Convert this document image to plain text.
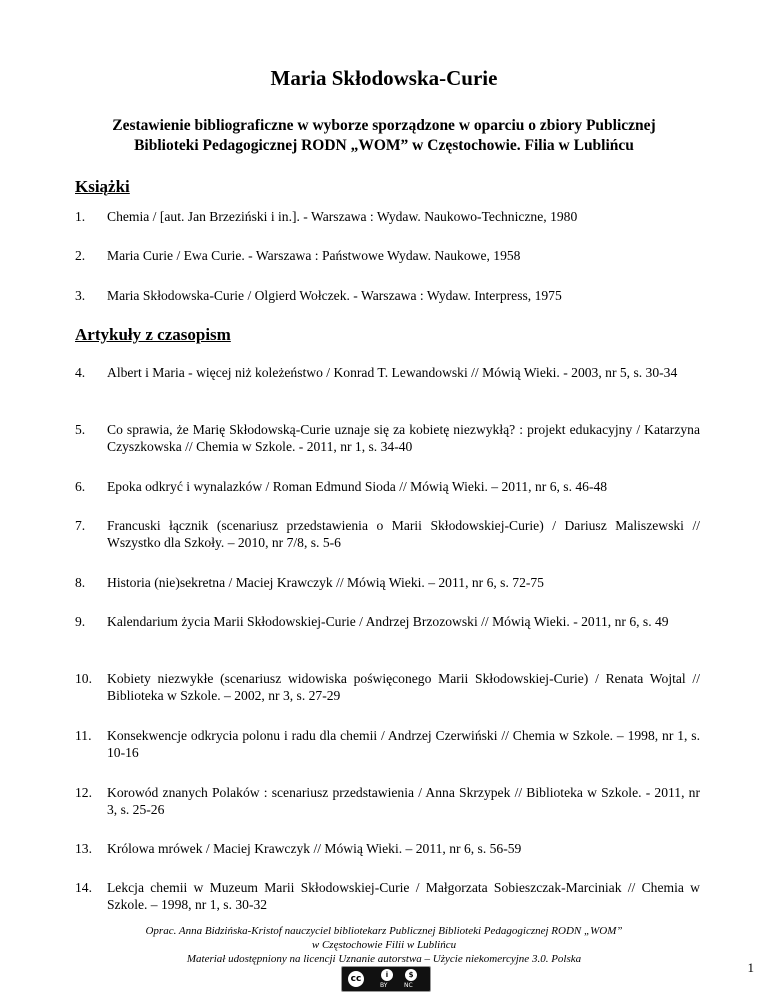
Maria Skłodowska-Curie
Zestawienie bibliograficzne w wyborze sporządzone w oparciu o zbiory Publicznej
Biblioteki Pedagogicznej RODN „WOM” w Częstochowie. Filia w Lublińcu
Książki
1.	Chemia / [aut. Jan Brzeziński i in.]. - Warszawa : Wydaw. Naukowo-Techniczne, 1980
2.	Maria Curie / Ewa Curie. - Warszawa : Państwowe Wydaw. Naukowe, 1958
3.	Maria Skłodowska-Curie / Olgierd Wołczek. - Warszawa : Wydaw. Interpress, 1975
Artykuły z czasopism
4.	Albert i Maria - więcej niż koleżeństwo / Konrad T. Lewandowski // Mówią Wieki. - 2003, nr 5, s. 30-34
5.	Co sprawia, że Marię Skłodowską-Curie uznaje się za kobietę niezwykłą? : projekt edukacyjny / Katarzyna Czyszkowska // Chemia w Szkole. - 2011, nr 1, s. 34-40
6.	Epoka odkryć i wynalazków / Roman Edmund Sioda // Mówią Wieki. – 2011, nr 6, s. 46-48
7.	Francuski łącznik (scenariusz przedstawienia o Marii Skłodowskiej-Curie) / Dariusz Maliszewski // Wszystko dla Szkoły. – 2010, nr 7/8, s. 5-6
8.	Historia (nie)sekretna / Maciej Krawczyk // Mówią Wieki. – 2011, nr 6, s. 72-75
9.	Kalendarium życia Marii Skłodowskiej-Curie / Andrzej Brzozowski // Mówią Wieki. - 2011, nr 6, s. 49
10.	Kobiety niezwykłe (scenariusz widowiska poświęconego Marii Skłodowskiej-Curie) / Renata Wojtal // Biblioteka w Szkole. – 2002, nr 3, s. 27-29
11.	Konsekwencje odkrycia polonu i radu dla chemii / Andrzej Czerwiński // Chemia w Szkole. – 1998, nr 1, s. 10-16
12.	Korowód znanych Polaków : scenariusz przedstawienia / Anna Skrzypek // Biblioteka w Szkole. - 2011, nr 3, s. 25-26
13.	Królowa mrówek / Maciej Krawczyk // Mówią Wieki. – 2011, nr 6, s. 56-59
14.	Lekcja chemii w Muzeum Marii Skłodowskiej-Curie / Małgorzata Sobieszczak-Marciniak // Chemia w Szkole. – 1998, nr 1, s. 30-32
Oprac. Anna Bidzińska-Kristof nauczyciel bibliotekarz Publicznej Biblioteki Pedagogicznej RODN „WOM”
w Częstochowie Filii w Lublińcu
Materiał udostępniony na licencji Uznanie autorstwa – Użycie niekomercyjne 3.0. Polska
cc	i	$
BY	NC
1
